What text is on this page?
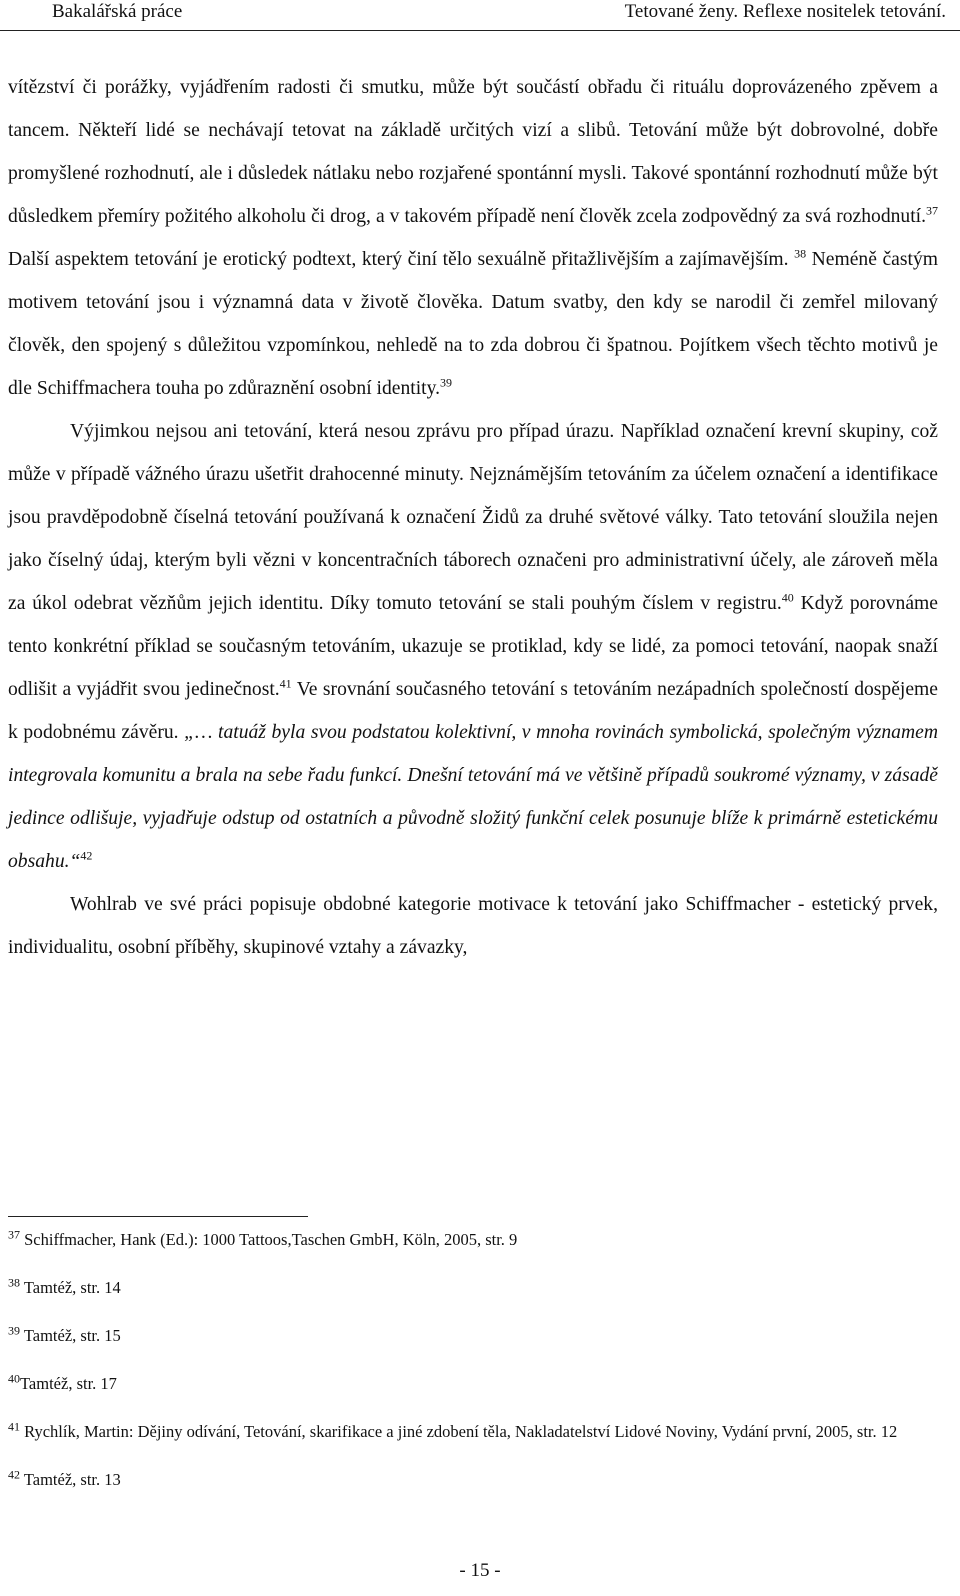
Bakalářská práce	Tetované ženy. Reflexe nositelek tetování.

vítězství či porážky, vyjádřením radosti či smutku, může být součástí obřadu či rituálu doprovázeného zpěvem a tancem. Někteří lidé se nechávají tetovat na základě určitých vizí a slibů. Tetování může být dobrovolné, dobře promyšlené rozhodnutí, ale i důsledek nátlaku nebo rozjařené spontánní mysli. Takové spontánní rozhodnutí může být důsledkem přemíry požitého alkoholu či drog, a v takovém případě není člověk zcela zodpovědný za svá rozhodnutí.$^{37}$ Další aspektem tetování je erotický podtext, který činí tělo sexuálně přitažlivějším a zajímavějším. $^{38}$ Neméně častým motivem tetování jsou i významná data v životě člověka. Datum svatby, den kdy se narodil či zemřel milovaný člověk, den spojený s důležitou vzpomínkou, nehledě na to zda dobrou či špatnou. Pojítkem všech těchto motivů je dle Schiffmachera touha po zdůraznění osobní identity.$^{39}$

Výjimkou nejsou ani tetování, která nesou zprávu pro případ úrazu. Například označení krevní skupiny, což může v případě vážného úrazu ušetřit drahocenné minuty. Nejznámějším tetováním za účelem označení a identifikace jsou pravděpodobně číselná tetování používaná k označení Židů za druhé světové války. Tato tetování sloužila nejen jako číselný údaj, kterým byli vězni v koncentračních táborech označeni pro administrativní účely, ale zároveň měla za úkol odebrat vězňům jejich identitu. Díky tomuto tetování se stali pouhým číslem v registru.$^{40}$ Když porovnáme tento konkrétní příklad se současným tetováním, ukazuje se protiklad, kdy se lidé, za pomoci tetování, naopak snaží odlišit a vyjádřit svou jedinečnost.$^{41}$ Ve srovnání současného tetování s tetováním nezápadních společností dospějeme k podobnému závěru. „… tatuáž byla svou podstatou kolektivní, v mnoha rovinách symbolická, společným významem integrovala komunitu a brala na sebe řadu funkcí. Dnešní tetování má ve většině případů soukromé významy, v zásadě jedince odlišuje, vyjadřuje odstup od ostatních a původně složitý funkční celek posunuje blíže k primárně estetickému obsahu.“$^{42}$

Wohlrab ve své práci popisuje obdobné kategorie motivace k tetování jako Schiffmacher - estetický prvek, individualitu, osobní příběhy, skupinové vztahy a závazky,

$^{37}$ Schiffmacher, Hank (Ed.): 1000 Tattoos,Taschen GmbH, Köln, 2005, str. 9
$^{38}$ Tamtéž, str. 14
$^{39}$ Tamtéž, str. 15
$^{40}$Tamtéž, str. 17
$^{41}$ Rychlík, Martin: Dějiny odívání, Tetování, skarifikace a jiné zdobení těla, Nakladatelství Lidové Noviny, Vydání první, 2005, str. 12
$^{42}$ Tamtéž, str. 13
- 15 -
